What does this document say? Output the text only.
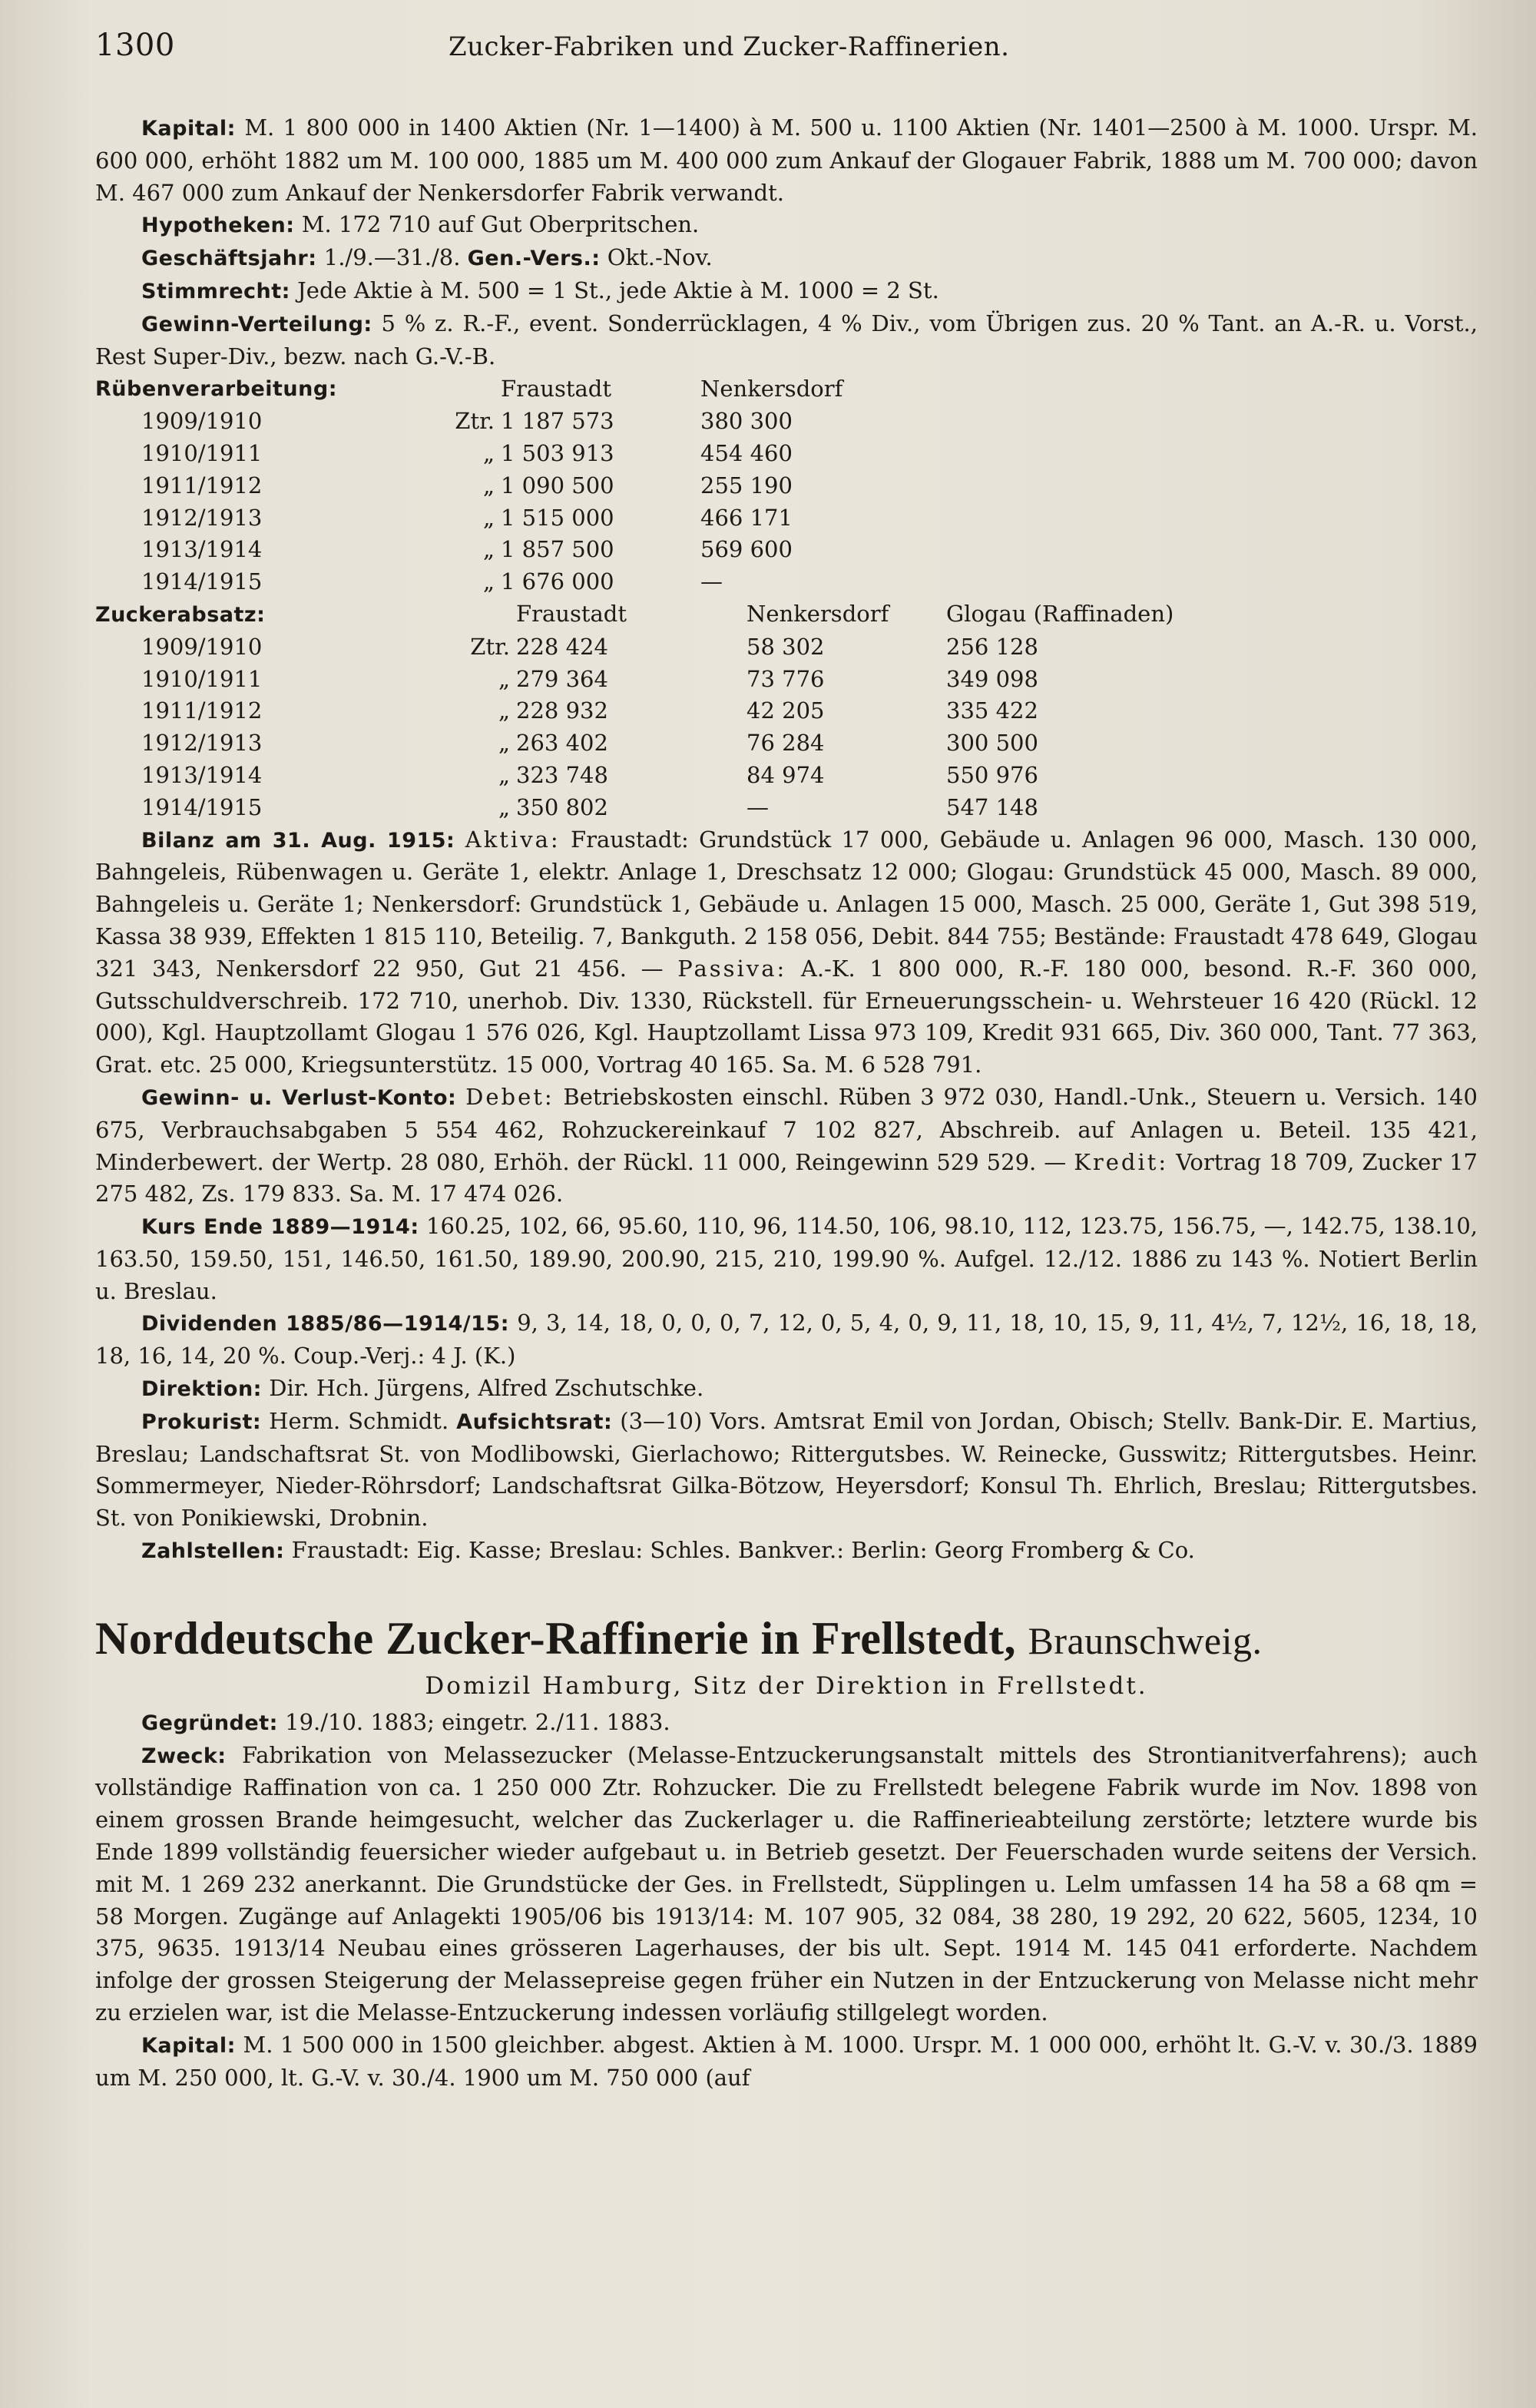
1300	Zucker-Fabriken und Zucker-Raffinerien.

Kapital: M. 1 800 000 in 1400 Aktien (Nr. 1—1400) à M. 500 u. 1100 Aktien (Nr. 1401—2500 à M. 1000. Urspr. M. 600 000, erhöht 1882 um M. 100 000, 1885 um M. 400 000 zum Ankauf der Glogauer Fabrik, 1888 um M. 700 000; davon M. 467 000 zum Ankauf der Nenkersdorfer Fabrik verwandt.

Hypotheken: M. 172 710 auf Gut Oberpritschen.

Geschäftsjahr: 1./9.—31./8. Gen.-Vers.: Okt.-Nov.

Stimmrecht: Jede Aktie à M. 500 = 1 St., jede Aktie à M. 1000 = 2 St.

Gewinn-Verteilung: 5 % z. R.-F., event. Sonderrücklagen, 4 % Div., vom Übrigen zus. 20 % Tant. an A.-R. u. Vorst., Rest Super-Div., bezw. nach G.-V.-B.

Rübenverarbeitung:		Fraustadt	Nenkersdorf
1909/1910	Ztr.	1 187 573	380 300
1910/1911	„	1 503 913	454 460
1911/1912	„	1 090 500	255 190
1912/1913	„	1 515 000	466 171
1913/1914	„	1 857 500	569 600
1914/1915	„	1 676 000	—
Zuckerabsatz:		Fraustadt	Nenkersdorf	Glogau (Raffinaden)
1909/1910	Ztr.	228 424	58 302	256 128
1910/1911	„	279 364	73 776	349 098
1911/1912	„	228 932	42 205	335 422
1912/1913	„	263 402	76 284	300 500
1913/1914	„	323 748	84 974	550 976
1914/1915	„	350 802	—	547 148

Bilanz am 31. Aug. 1915: Aktiva: Fraustadt: Grundstück 17 000, Gebäude u. Anlagen 96 000, Masch. 130 000, Bahngeleis, Rübenwagen u. Geräte 1, elektr. Anlage 1, Dreschsatz 12 000; Glogau: Grundstück 45 000, Masch. 89 000, Bahngeleis u. Geräte 1; Nenkersdorf: Grundstück 1, Gebäude u. Anlagen 15 000, Masch. 25 000, Geräte 1, Gut 398 519, Kassa 38 939, Effekten 1 815 110, Beteilig. 7, Bankguth. 2 158 056, Debit. 844 755; Bestände: Fraustadt 478 649, Glogau 321 343, Nenkersdorf 22 950, Gut 21 456. — Passiva: A.-K. 1 800 000, R.-F. 180 000, besond. R.-F. 360 000, Gutsschuldverschreib. 172 710, unerhob. Div. 1330, Rückstell. für Erneuerungsschein- u. Wehrsteuer 16 420 (Rückl. 12 000), Kgl. Hauptzollamt Glogau 1 576 026, Kgl. Hauptzollamt Lissa 973 109, Kredit 931 665, Div. 360 000, Tant. 77 363, Grat. etc. 25 000, Kriegsunterstütz. 15 000, Vortrag 40 165. Sa. M. 6 528 791.

Gewinn- u. Verlust-Konto: Debet: Betriebskosten einschl. Rüben 3 972 030, Handl.-Unk., Steuern u. Versich. 140 675, Verbrauchsabgaben 5 554 462, Rohzuckereinkauf 7 102 827, Abschreib. auf Anlagen u. Beteil. 135 421, Minderbewert. der Wertp. 28 080, Erhöh. der Rückl. 11 000, Reingewinn 529 529. — Kredit: Vortrag 18 709, Zucker 17 275 482, Zs. 179 833. Sa. M. 17 474 026.

Kurs Ende 1889—1914: 160.25, 102, 66, 95.60, 110, 96, 114.50, 106, 98.10, 112, 123.75, 156.75, —, 142.75, 138.10, 163.50, 159.50, 151, 146.50, 161.50, 189.90, 200.90, 215, 210, 199.90 %. Aufgel. 12./12. 1886 zu 143 %. Notiert Berlin u. Breslau.

Dividenden 1885/86—1914/15: 9, 3, 14, 18, 0, 0, 0, 7, 12, 0, 5, 4, 0, 9, 11, 18, 10, 15, 9, 11, 4½, 7, 12½, 16, 18, 18, 18, 16, 14, 20 %. Coup.-Verj.: 4 J. (K.)

Direktion: Dir. Hch. Jürgens, Alfred Zschutschke.

Prokurist: Herm. Schmidt. Aufsichtsrat: (3—10) Vors. Amtsrat Emil von Jordan, Obisch; Stellv. Bank-Dir. E. Martius, Breslau; Landschaftsrat St. von Modlibowski, Gierlachowo; Rittergutsbes. W. Reinecke, Gusswitz; Rittergutsbes. Heinr. Sommermeyer, Nieder-Röhrsdorf; Landschaftsrat Gilka-Bötzow, Heyersdorf; Konsul Th. Ehrlich, Breslau; Rittergutsbes. St. von Ponikiewski, Drobnin.

Zahlstellen: Fraustadt: Eig. Kasse; Breslau: Schles. Bankver.: Berlin: Georg Fromberg & Co.

Norddeutsche Zucker-Raffinerie in Frellstedt, Braunschweig.
Domizil Hamburg, Sitz der Direktion in Frellstedt.

Gegründet: 19./10. 1883; eingetr. 2./11. 1883.

Zweck: Fabrikation von Melassezucker (Melasse-Entzuckerungsanstalt mittels des Strontianitverfahrens); auch vollständige Raffination von ca. 1 250 000 Ztr. Rohzucker. Die zu Frellstedt belegene Fabrik wurde im Nov. 1898 von einem grossen Brande heimgesucht, welcher das Zuckerlager u. die Raffinerieabteilung zerstörte; letztere wurde bis Ende 1899 vollständig feuersicher wieder aufgebaut u. in Betrieb gesetzt. Der Feuerschaden wurde seitens der Versich. mit M. 1 269 232 anerkannt. Die Grundstücke der Ges. in Frellstedt, Süpplingen u. Lelm umfassen 14 ha 58 a 68 qm = 58 Morgen. Zugänge auf Anlagekti 1905/06 bis 1913/14: M. 107 905, 32 084, 38 280, 19 292, 20 622, 5605, 1234, 10 375, 9635. 1913/14 Neubau eines grösseren Lagerhauses, der bis ult. Sept. 1914 M. 145 041 erforderte. Nachdem infolge der grossen Steigerung der Melassepreise gegen früher ein Nutzen in der Entzuckerung von Melasse nicht mehr zu erzielen war, ist die Melasse-Entzuckerung indessen vorläufig stillgelegt worden.

Kapital: M. 1 500 000 in 1500 gleichber. abgest. Aktien à M. 1000. Urspr. M. 1 000 000, erhöht lt. G.-V. v. 30./3. 1889 um M. 250 000, lt. G.-V. v. 30./4. 1900 um M. 750 000 (auf
